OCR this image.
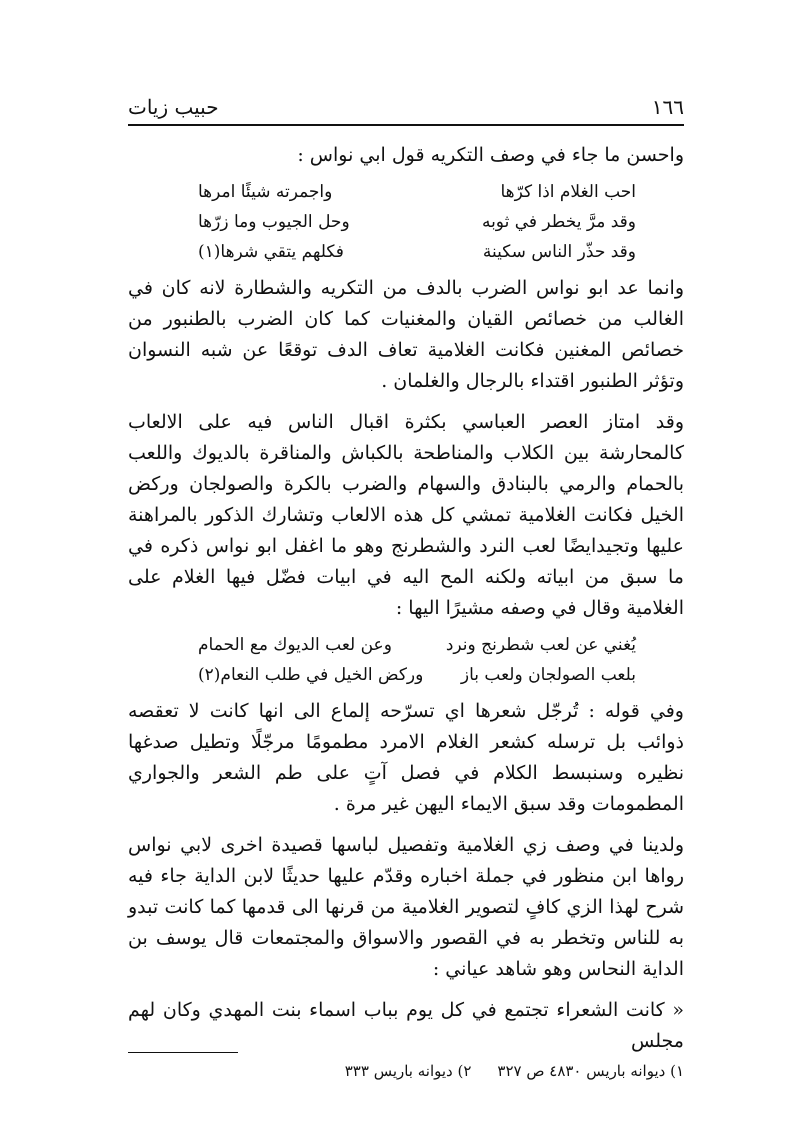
١٦٦
حبيب زيات

واحسن ما جاء في وصف التكريه قول ابي نواس :

احب الغلام اذا كرّها
واجمرته شيئًا امرها
وقد مرَّ يخطر في ثوبه
وحل الجيوب وما زرّها
وقد حذّر الناس سكينة
فكلهم يتقي شرها(١)

وانما عد ابو نواس الضرب بالدف من التكريه والشطارة لانه كان في الغالب من خصائص القيان والمغنيات كما كان الضرب بالطنبور من خصائص المغنين فكانت الغلامية تعاف الدف توقعًا عن شبه النسوان وتؤثر الطنبور اقتداء بالرجال والغلمان .

وقد امتاز العصر العباسي بكثرة اقبال الناس فيه على الالعاب كالمحارشة بين الكلاب والمناطحة بالكباش والمناقرة بالديوك واللعب بالحمام والرمي بالبنادق والسهام والضرب بالكرة والصولجان وركض الخيل فكانت الغلامية تمشي كل هذه الالعاب وتشارك الذكور بالمراهنة عليها وتجيدايضًا لعب النرد والشطرنج وهو ما اغفل ابو نواس ذكره في ما سبق من ابياته ولكنه المح اليه في ابيات فضّل فيها الغلام على الغلامية وقال في وصفه مشيرًا اليها :

يُغني عن لعب شطرنج ونرد
وعن لعب الديوك مع الحمام
بلعب الصولجان ولعب باز
وركض الخيل في طلب النعام(٢)

وفي قوله : تُرجّل شعرها اي تسرّحه إلماع الى انها كانت لا تعقصه ذوائب بل ترسله كشعر الغلام الامرد مطمومًا مرجّلًا وتطيل صدغها نظيره وسنبسط الكلام في فصل آتٍ على طم الشعر والجواري المطمومات وقد سبق الايماء اليهن غير مرة .

ولدينا في وصف زي الغلامية وتفصيل لباسها قصيدة اخرى لابي نواس رواها ابن منظور في جملة اخباره وقدّم عليها حديثًا لابن الداية جاء فيه شرح لهذا الزي كافٍ لتصوير الغلامية من قرنها الى قدمها كما كانت تبدو به للناس وتخطر به في القصور والاسواق والمجتمعات قال يوسف بن الداية النحاس وهو شاهد عياني :

« كانت الشعراء تجتمع في كل يوم بباب اسماء بنت المهدي وكان لهم مجلس

١) ديوانه باريس ٤٨٣٠ ص ٣٢٧
٢) ديوانه باريس ٣٣٣
